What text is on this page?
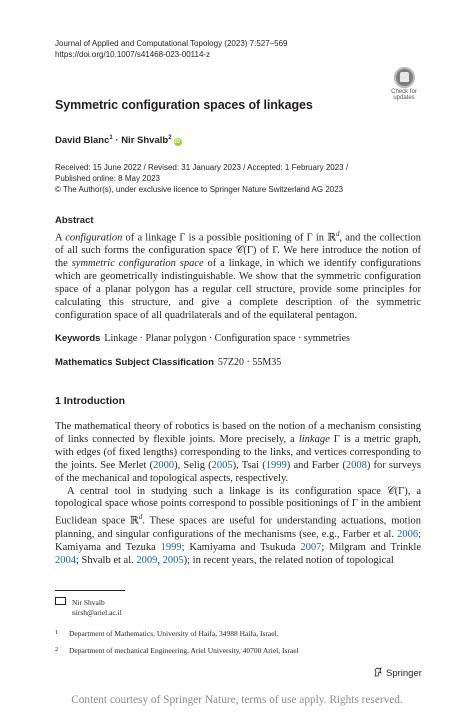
Journal of Applied and Computational Topology (2023) 7:527–569
https://doi.org/10.1007/s41468-023-00114-z
Check for
updates
Symmetric configuration spaces of linkages
David Blanc$^1$ · Nir Shvalb$^2$iD
Received: 15 June 2022 / Revised: 31 January 2023 / Accepted: 1 February 2023 /
Published online: 8 May 2023
© The Author(s), under exclusive licence to Springer Nature Switzerland AG 2023
Abstract
A configuration of a linkage Γ is a possible positioning of Γ in ℝ$^d$, and the collection of all such forms the configuration space 𝒞(Γ) of Γ. We here introduce the notion of the symmetric configuration space of a linkage, in which we identify configurations which are geometrically indistinguishable. We show that the symmetric configuration space of a planar polygon has a regular cell structure, provide some principles for calculating this structure, and give a complete description of the symmetric configuration space of all quadrilaterals and of the equilateral pentagon.
Keywords Linkage · Planar polygon · Configuration space · symmetries
Mathematics Subject Classification 57Z20 · 55M35
1 Introduction

The mathematical theory of robotics is based on the notion of a mechanism consisting of links connected by flexible joints. More precisely, a linkage Γ is a metric graph, with edges (of fixed lengths) corresponding to the links, and vertices corresponding to the joints. See Merlet (2000), Selig (2005), Tsai (1999) and Farber (2008) for surveys of the mechanical and topological aspects, respectively.

A central tool in studying such a linkage is its configuration space 𝒞(Γ), a topological space whose points correspond to possible positionings of Γ in the ambient Euclidean space ℝ$^d$. These spaces are useful for understanding actuations, motion planning, and singular configurations of the mechanisms (see, e.g., Farber et al. 2006; Kamiyama and Tezuka 1999; Kamiyama and Tsukuda 2007; Milgram and Trinkle 2004; Shvalb et al. 2009, 2005); in recent years, the related notion of topological

Nir Shvalb
nirsh@ariel.ac.il
1 Department of Mathematics, University of Haifa, 34988 Haifa, Israel.
2 Department of mechanical Engineering, Ariel University, 40700 Ariel, Israel
Springer
Content courtesy of Springer Nature, terms of use apply. Rights reserved.
